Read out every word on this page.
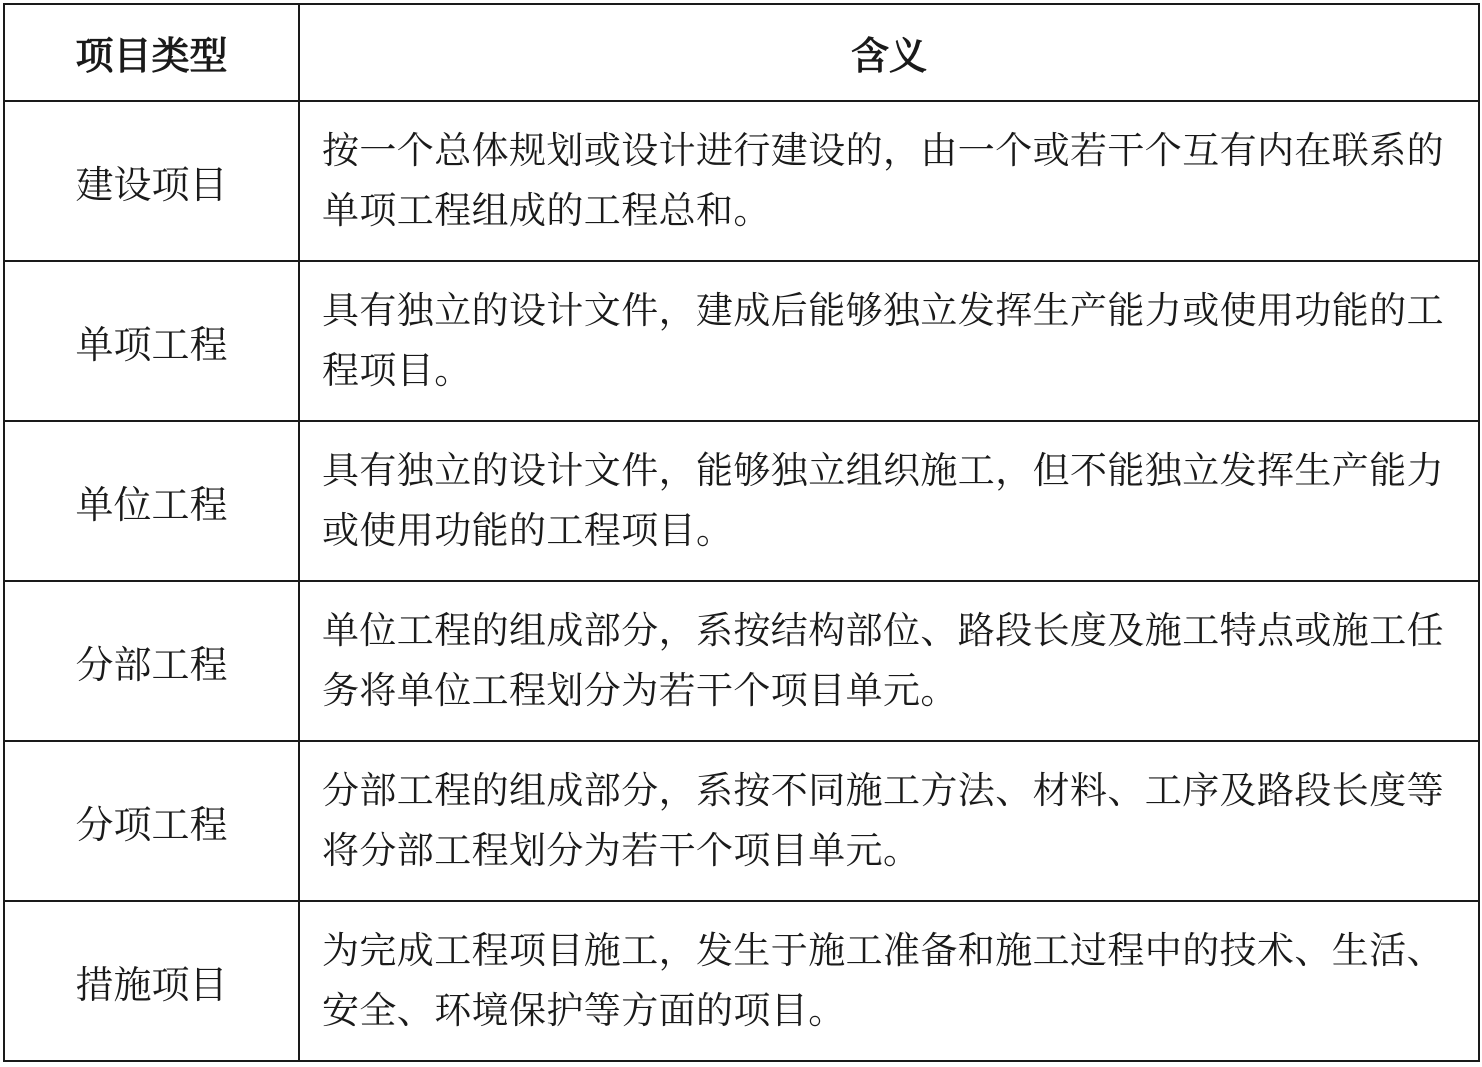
项目类型	含义
建设项目	按一个总体规划或设计进行建设的，由一个或若干个互有内在联系的单项工程组成的工程总和。
单项工程	具有独立的设计文件，建成后能够独立发挥生产能力或使用功能的工程项目。
单位工程	具有独立的设计文件，能够独立组织施工，但不能独立发挥生产能力或使用功能的工程项目。
分部工程	单位工程的组成部分，系按结构部位、路段长度及施工特点或施工任务将单位工程划分为若干个项目单元。
分项工程	分部工程的组成部分，系按不同施工方法、材料、工序及路段长度等将分部工程划分为若干个项目单元。
措施项目	为完成工程项目施工，发生于施工准备和施工过程中的技术、生活、安全、环境保护等方面的项目。
